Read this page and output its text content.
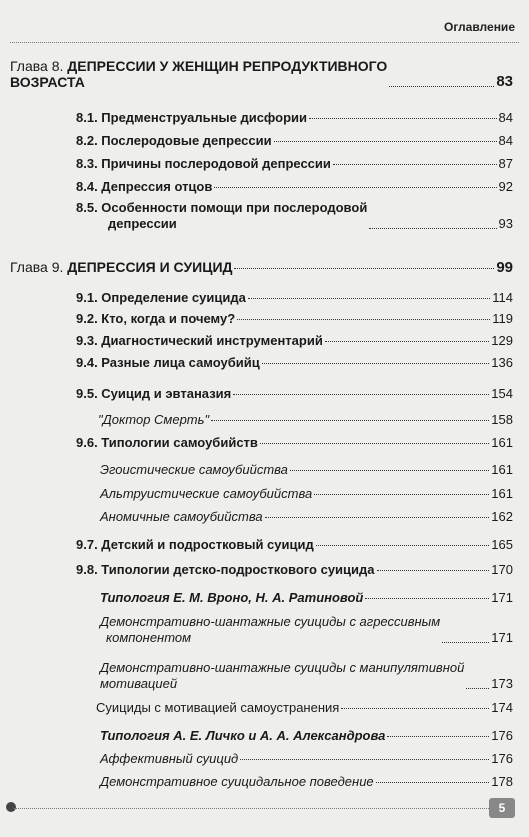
Оглавление
Глава 8. ДЕПРЕССИИ У ЖЕНЩИН РЕПРОДУКТИВНОГО
ВОЗРАСТА	83
8.1. Предменструальные дисфории	84
8.2. Послеродовые депрессии	84
8.3. Причины послеродовой депрессии	87
8.4. Депрессия отцов	92
8.5. Особенности помощи при послеродовой
депрессии	93
Глава 9. ДЕПРЕССИЯ И СУИЦИД	99
9.1. Определение суицида	114
9.2. Кто, когда и почему?	119
9.3. Диагностический инструментарий	129
9.4. Разные лица самоубийц	136
9.5. Суицид и эвтаназия	154
"Доктор Смерть"	158
9.6. Типологии самоубийств	161
Эгоистические самоубийства	161
Альтруистические самоубийства	161
Аномичные самоубийства	162
9.7. Детский и подростковый суицид	165
9.8. Типологии детско-подросткового суицида	170
Типология Е. М. Вроно, Н. А. Ратиновой	171
Демонстративно-шантажные суициды с агрессивным
компонентом	171
Демонстративно-шантажные суициды с манипулятивной
мотивацией	173
Суициды с мотивацией самоустранения	174
Типология А. Е. Личко и А. А. Александрова	176
Аффективный суицид	176
Демонстративное суицидальное поведение	178
5
